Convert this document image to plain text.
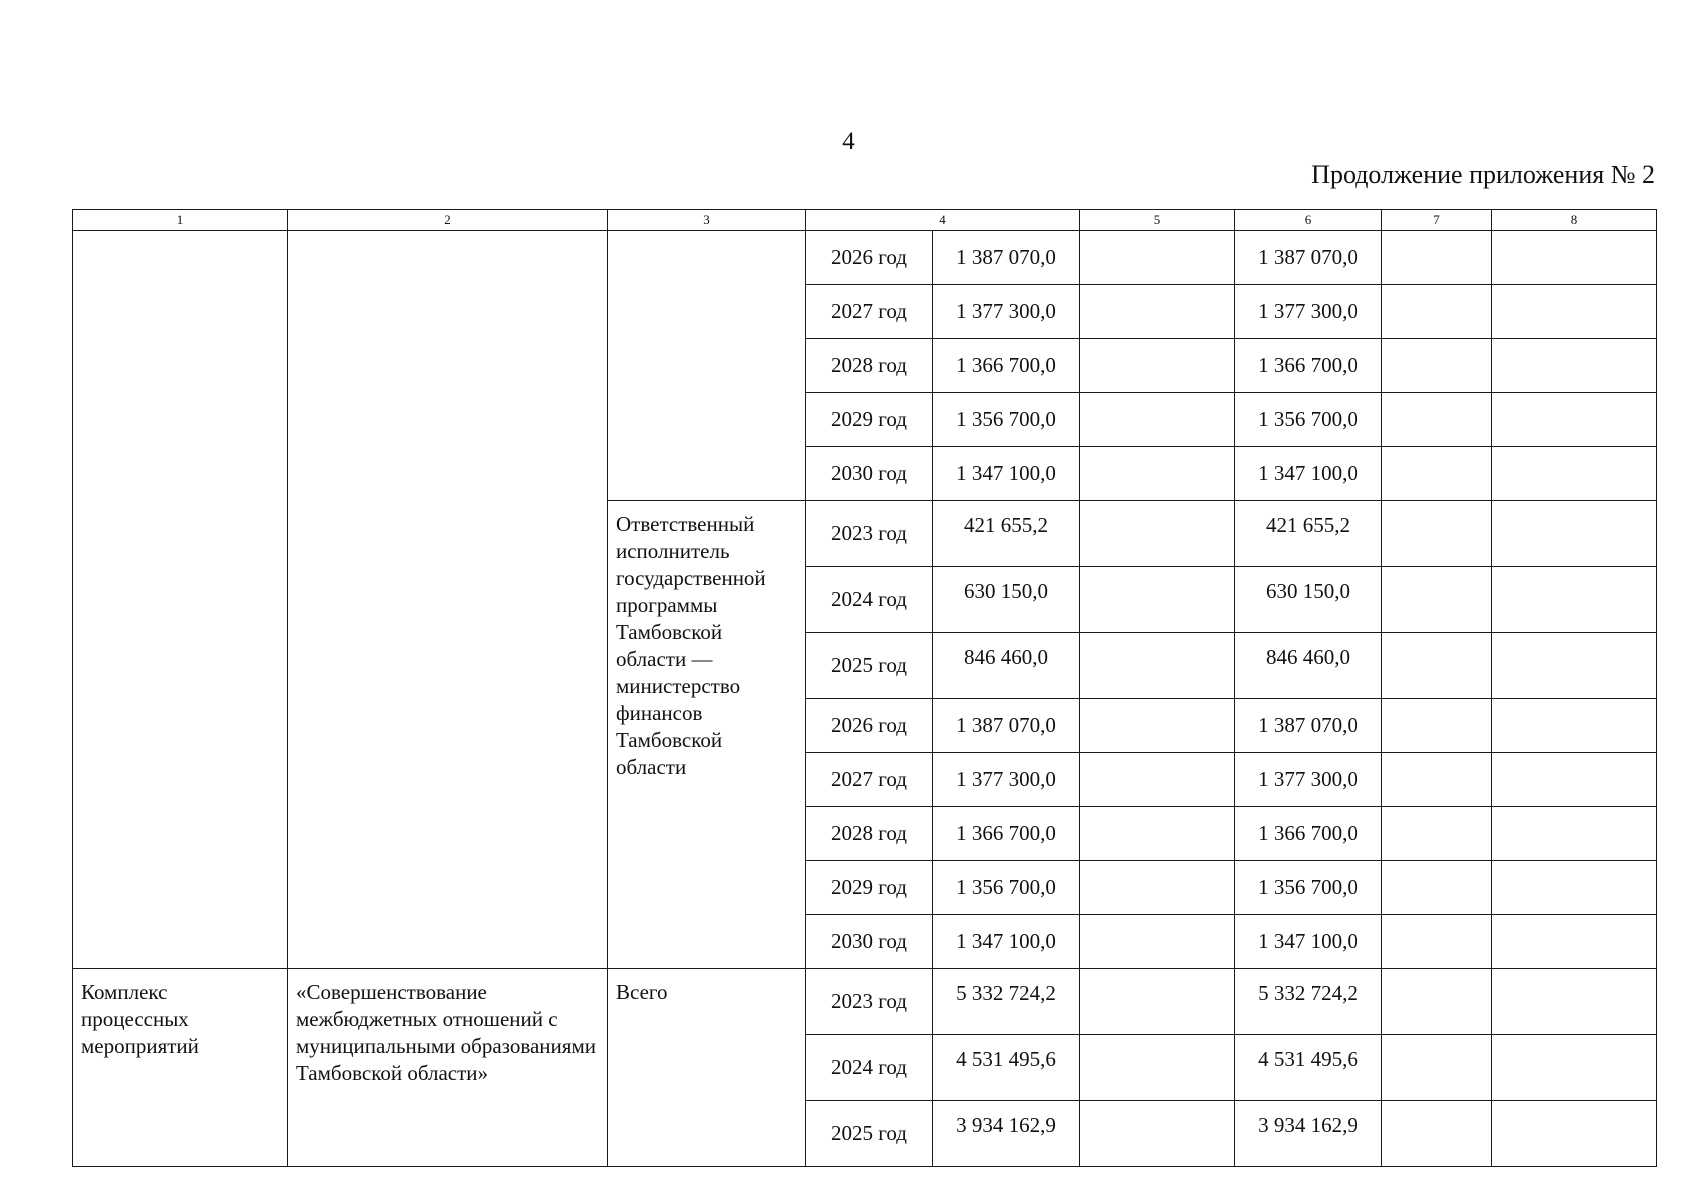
4
Продолжение приложения № 2
1	2	3	4		5	6	7	8
			2026 год	1 387 070,0		1 387 070,0		
			2027 год	1 377 300,0		1 377 300,0		
			2028 год	1 366 700,0		1 366 700,0		
			2029 год	1 356 700,0		1 356 700,0		
			2030 год	1 347 100,0		1 347 100,0		
		Ответственный исполнитель государственной программы Тамбовской области — министерство финансов Тамбовской области	2023 год	421 655,2		421 655,2		
			2024 год	630 150,0		630 150,0		
			2025 год	846 460,0		846 460,0		
			2026 год	1 387 070,0		1 387 070,0		
			2027 год	1 377 300,0		1 377 300,0		
			2028 год	1 366 700,0		1 366 700,0		
			2029 год	1 356 700,0		1 356 700,0		
			2030 год	1 347 100,0		1 347 100,0		
Комплекс процессных мероприятий	«Совершенствование межбюджетных отношений с муниципальными образованиями Тамбовской области»	Всего	2023 год	5 332 724,2		5 332 724,2		
			2024 год	4 531 495,6		4 531 495,6		
			2025 год	3 934 162,9		3 934 162,9		
